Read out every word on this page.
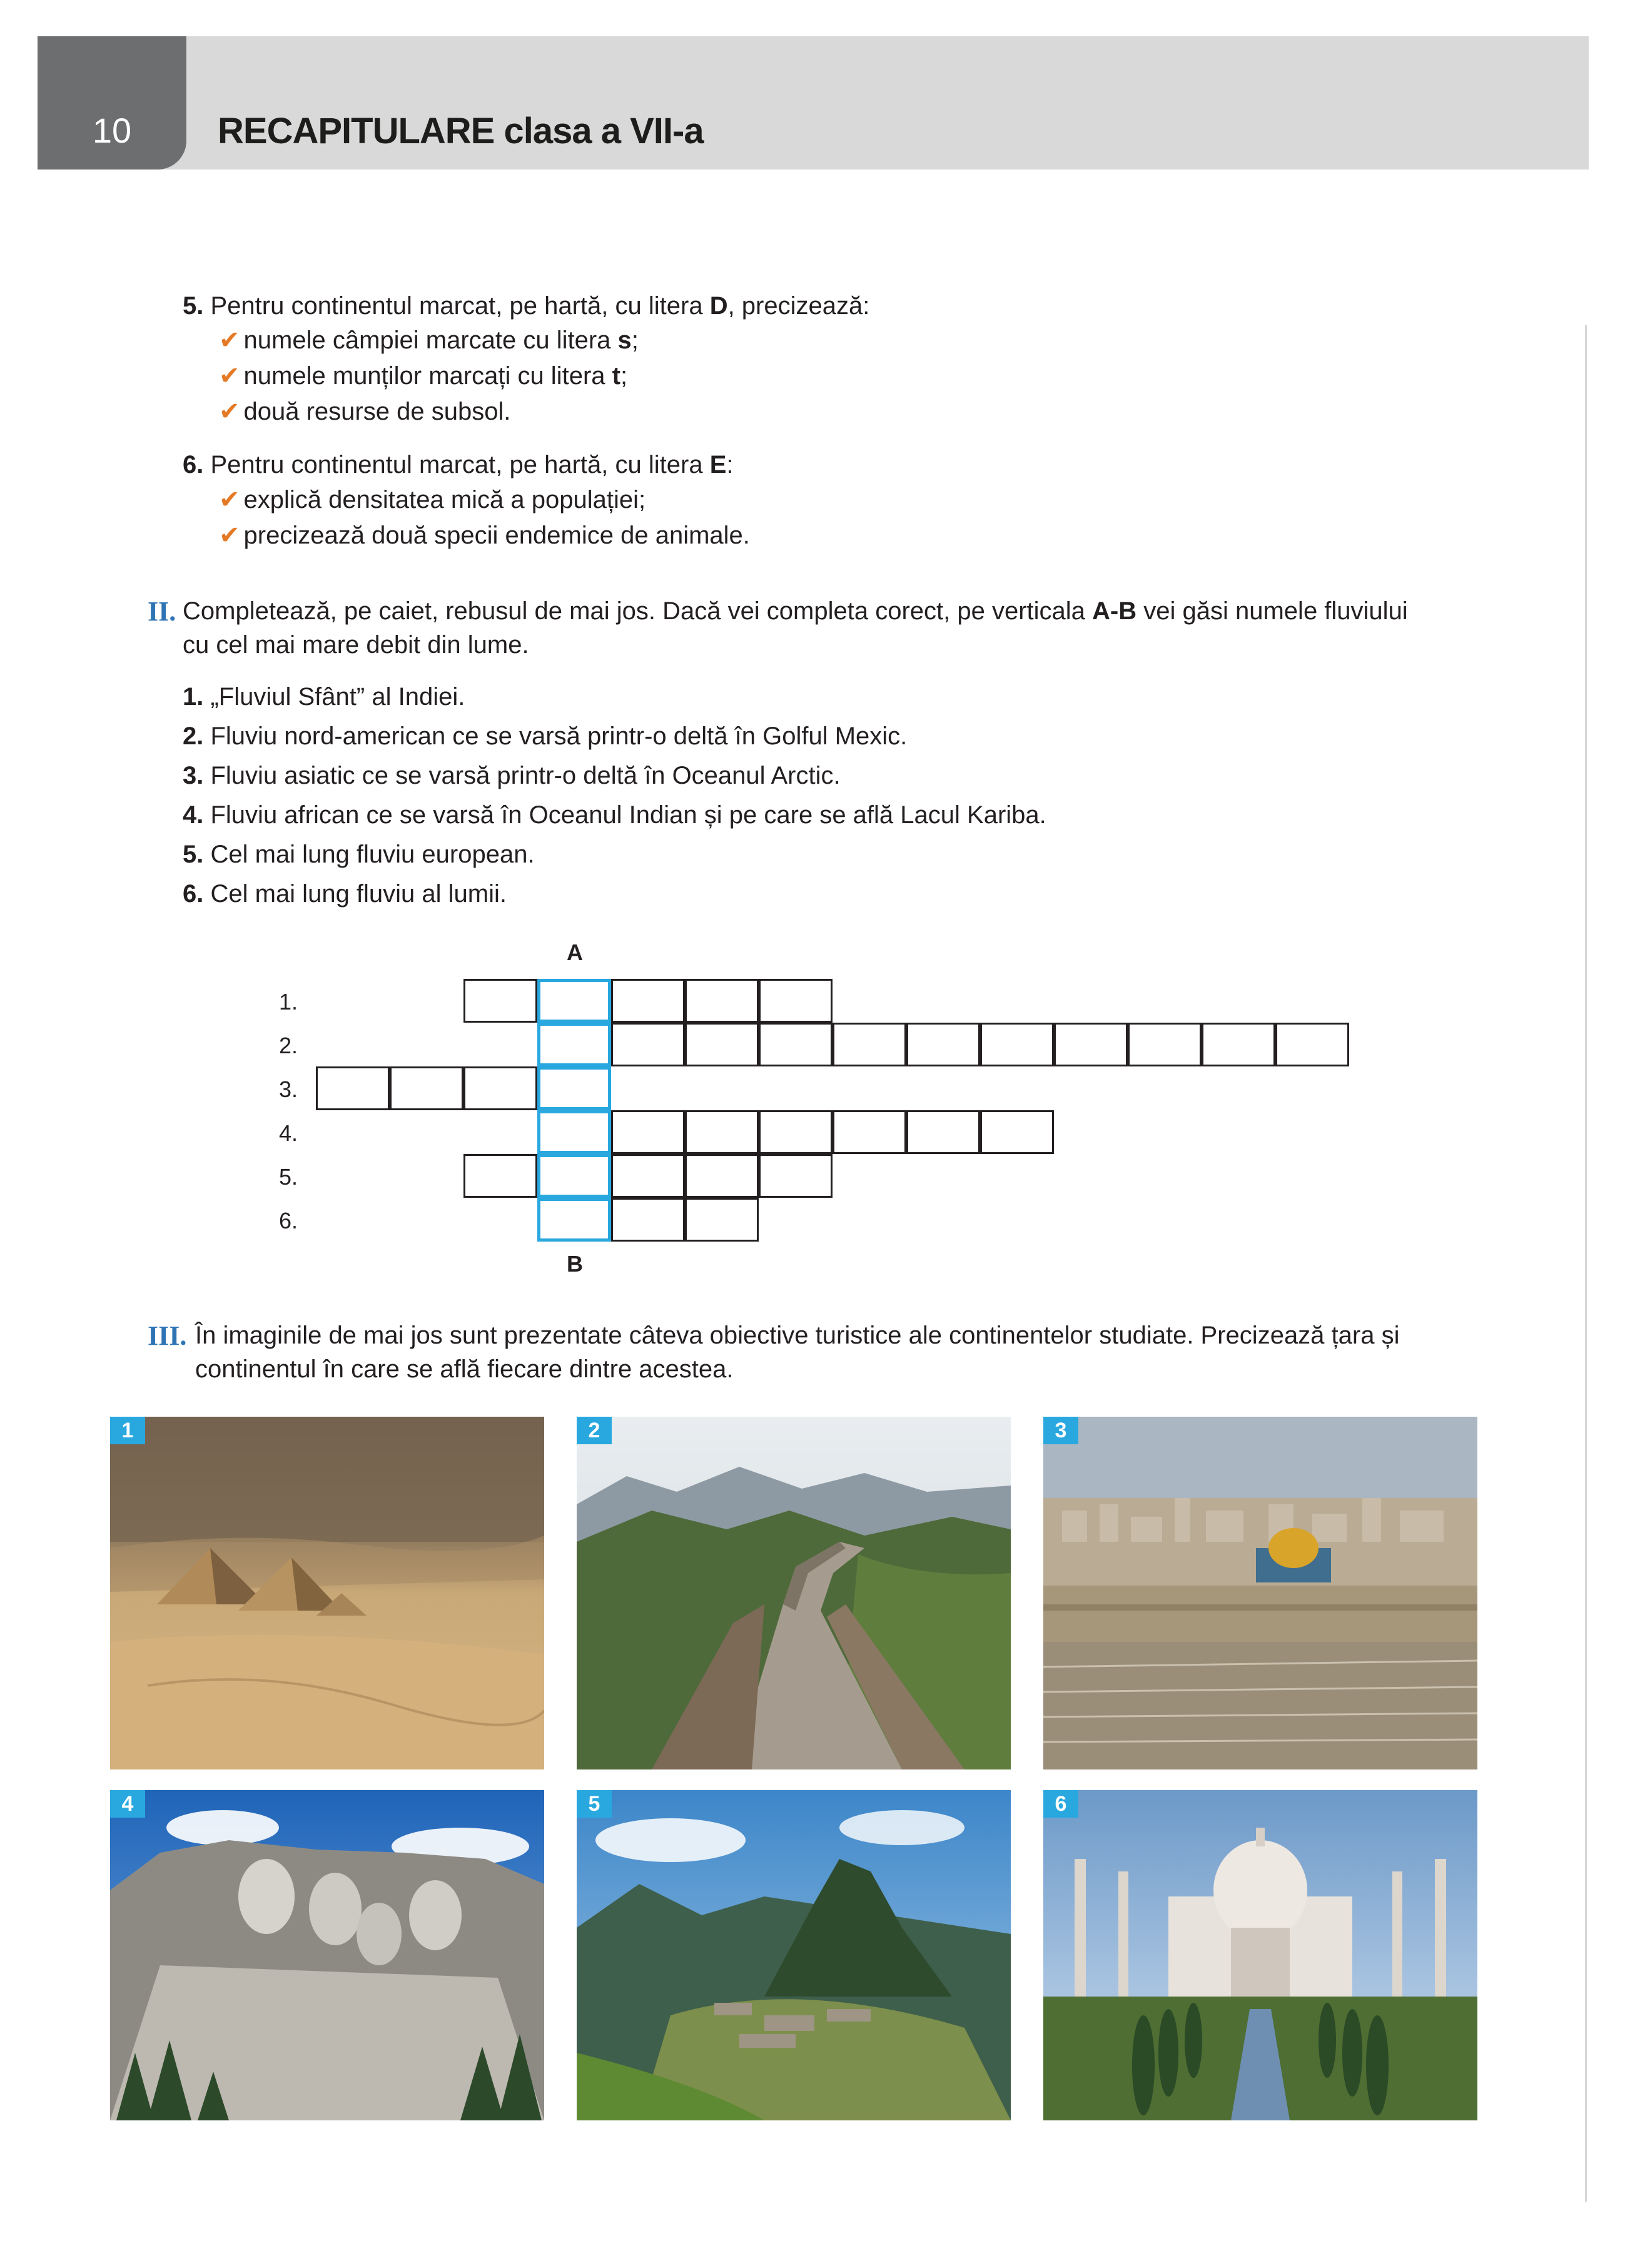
10	RECAPITULARE clasa a VII-a
5. Pentru continentul marcat, pe hartă, cu litera D, precizează:
✔ numele câmpiei marcate cu litera s;
✔ numele munților marcați cu litera t;
✔ două resurse de subsol.
6. Pentru continentul marcat, pe hartă, cu litera E:
✔ explică densitatea mică a populației;
✔ precizează două specii endemice de animale.
II. Completează, pe caiet, rebusul de mai jos. Dacă vei completa corect, pe verticala A-B vei găsi numele fluviului
cu cel mai mare debit din lume.
1. „Fluviul Sfânt” al Indiei.
2. Fluviu nord-american ce se varsă printr-o deltă în Golful Mexic.
3. Fluviu asiatic ce se varsă printr-o deltă în Oceanul Arctic.
4. Fluviu african ce se varsă în Oceanul Indian și pe care se află Lacul Kariba.
5. Cel mai lung fluviu european.
6. Cel mai lung fluviu al lumii.
A
B
1.
2.
3.
4.
5.
6.
III. În imaginile de mai jos sunt prezentate câteva obiective turistice ale continentelor studiate. Precizează țara și
continentul în care se află fiecare dintre acestea.
1	2	3
4	5	6
